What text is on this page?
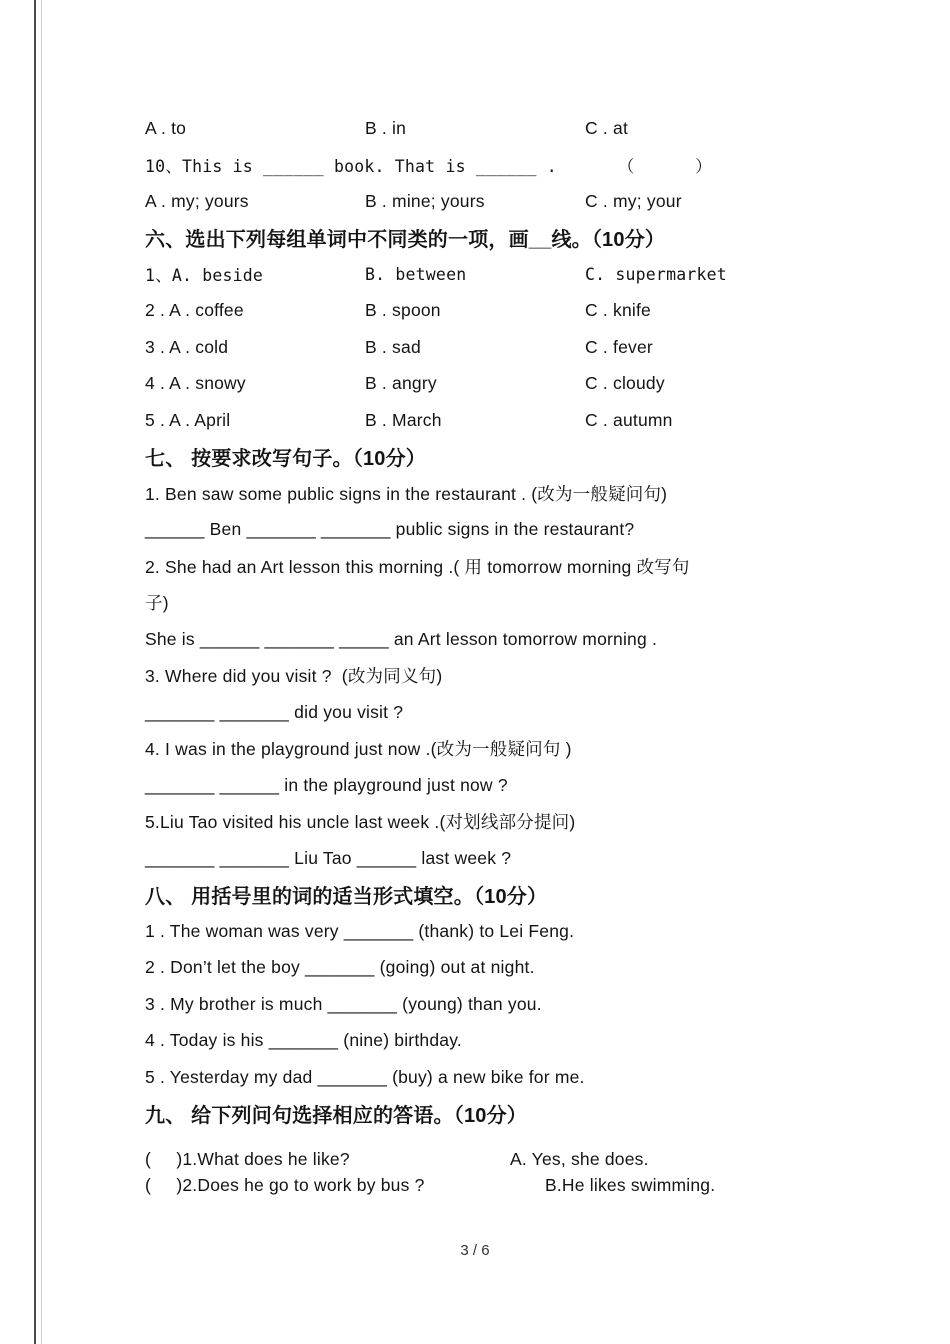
A . to	B . in	C . at
10、This is ______ book. That is ______ .      （      ）
A . my; yours	B . mine; yours	C . my; your
六、选出下列每组单词中不同类的一项，画__线。（10分）
1、A. beside	B. between	C. supermarket
2 . A . coffee	B . spoon	C . knife
3 . A . cold	B . sad	C . fever
4 . A . snowy	B . angry	C . cloudy
5 . A . April	B . March	C . autumn
七、 按要求改写句子。（10分）
1. Ben saw some public signs in the restaurant . (改为一般疑问句)
______ Ben _______ _______ public signs in the restaurant?
2. She had an Art lesson this morning .( 用 tomorrow morning 改写句
子)
She is ______ _______ _____ an Art lesson tomorrow morning .
3. Where did you visit ?  (改为同义句)
_______ _______ did you visit ?
4. I was in the playground just now .(改为一般疑问句 )
_______ ______ in the playground just now ?
5.Liu Tao visited his uncle last week .(对划线部分提问)
_______ _______ Liu Tao ______ last week ?
八、 用括号里的词的适当形式填空。（10分）
1 . The woman was very _______ (thank) to Lei Feng.
2 . Don’t let the boy _______ (going) out at night.
3 . My brother is much _______ (young) than you.
4 . Today is his _______ (nine) birthday.
5 . Yesterday my dad _______ (buy) a new bike for me.
九、 给下列问句选择相应的答语。（10分）
(     )1.What does he like?	A. Yes, she does.
(     )2.Does he go to work by bus ?	B.He likes swimming.
3 / 6
